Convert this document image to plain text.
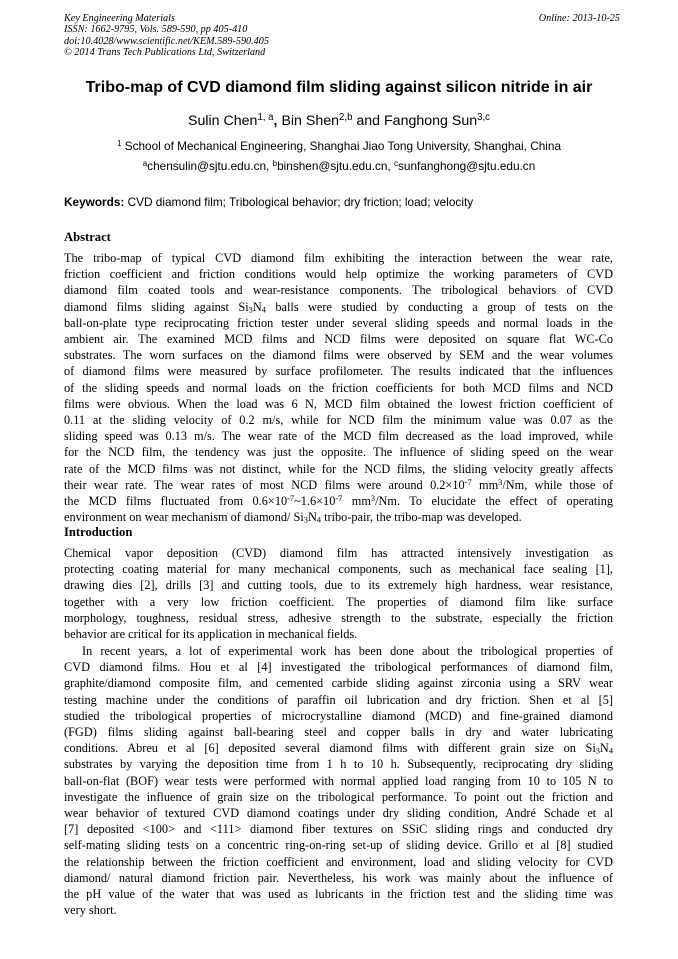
Key Engineering Materials
ISSN: 1662-9795, Vols. 589-590, pp 405-410
doi:10.4028/www.scientific.net/KEM.589-590.405
© 2014 Trans Tech Publications Ltd, Switzerland
Online: 2013-10-25
Tribo-map of CVD diamond film sliding against silicon nitride in air
Sulin Chen$^{1, a}$, Bin Shen$^{2,b}$ and Fanghong Sun$^{3,c}$
$^1$ School of Mechanical Engineering, Shanghai Jiao Tong University, Shanghai, China
$^a$chensulin@sjtu.edu.cn, $^b$binshen@sjtu.edu.cn, $^c$sunfanghong@sjtu.edu.cn
Keywords: CVD diamond film; Tribological behavior; dry friction; load; velocity
Abstract
The tribo-map of typical CVD diamond film exhibiting the interaction between the wear rate,
friction coefficient and friction conditions would help optimize the working parameters of CVD
diamond film coated tools and wear-resistance components. The tribological behaviors of CVD
diamond films sliding against $Si_3N_4$ balls were studied by conducting a group of tests on the
ball-on-plate type reciprocating friction tester under several sliding speeds and normal loads in the
ambient air. The examined MCD films and NCD films were deposited on square flat WC-Co
substrates. The worn surfaces on the diamond films were observed by SEM and the wear volumes
of diamond films were measured by surface profilometer. The results indicated that the influences
of the sliding speeds and normal loads on the friction coefficients for both MCD films and NCD
films were obvious. When the load was 6 N, MCD film obtained the lowest friction coefficient of
0.11 at the sliding velocity of 0.2 m/s, while for NCD film the minimum value was 0.07 as the
sliding speed was 0.13 m/s. The wear rate of the MCD film decreased as the load improved, while
for the NCD film, the tendency was just the opposite. The influence of sliding speed on the wear
rate of the MCD films was not distinct, while for the NCD films, the sliding velocity greatly affects
their wear rate. The wear rates of most NCD films were around $0.2\times 10^{-7}$ $mm^3/Nm$, while those of
the MCD films fluctuated from $0.6\times 10^{-7}\sim 1.6\times 10^{-7}$ $mm^3/Nm$. To elucidate the effect of operating
environment on wear mechanism of diamond/ $Si_3N_4$ tribo-pair, the tribo-map was developed.
Introduction
Chemical vapor deposition (CVD) diamond film has attracted intensively investigation as
protecting coating material for many mechanical components, such as mechanical face sealing [1],
drawing dies [2], drills [3] and cutting tools, due to its extremely high hardness, wear resistance,
together with a very low friction coefficient. The properties of diamond film like surface
morphology, toughness, residual stress, adhesive strength to the substrate, especially the friction
behavior are critical for its application in mechanical fields.
In recent years, a lot of experimental work has been done about the tribological properties of
CVD diamond films. Hou et al [4] investigated the tribological performances of diamond film,
graphite/diamond composite film, and cemented carbide sliding against zirconia using a SRV wear
testing machine under the conditions of paraffin oil lubrication and dry friction. Shen et al [5]
studied the tribological properties of microcrystalline diamond (MCD) and fine-grained diamond
(FGD) films sliding against ball-bearing steel and copper balls in dry and water lubricating
conditions. Abreu et al [6] deposited several diamond films with different grain size on $Si_3N_4$
substrates by varying the deposition time from 1 h to 10 h. Subsequently, reciprocating dry sliding
ball-on-flat (BOF) wear tests were performed with normal applied load ranging from 10 to 105 N to
investigate the influence of grain size on the tribological performance. To point out the friction and
wear behavior of textured CVD diamond coatings under dry sliding condition, André Schade et al
[7] deposited <100> and <111> diamond fiber textures on SSiC sliding rings and conducted dry
self-mating sliding tests on a concentric ring-on-ring set-up of sliding device. Grillo et al [8] studied
the relationship between the friction coefficient and environment, load and sliding velocity for CVD
diamond/ natural diamond friction pair. Nevertheless, his work was mainly about the influence of
the pH value of the water that was used as lubricants in the friction test and the sliding time was
very short.
